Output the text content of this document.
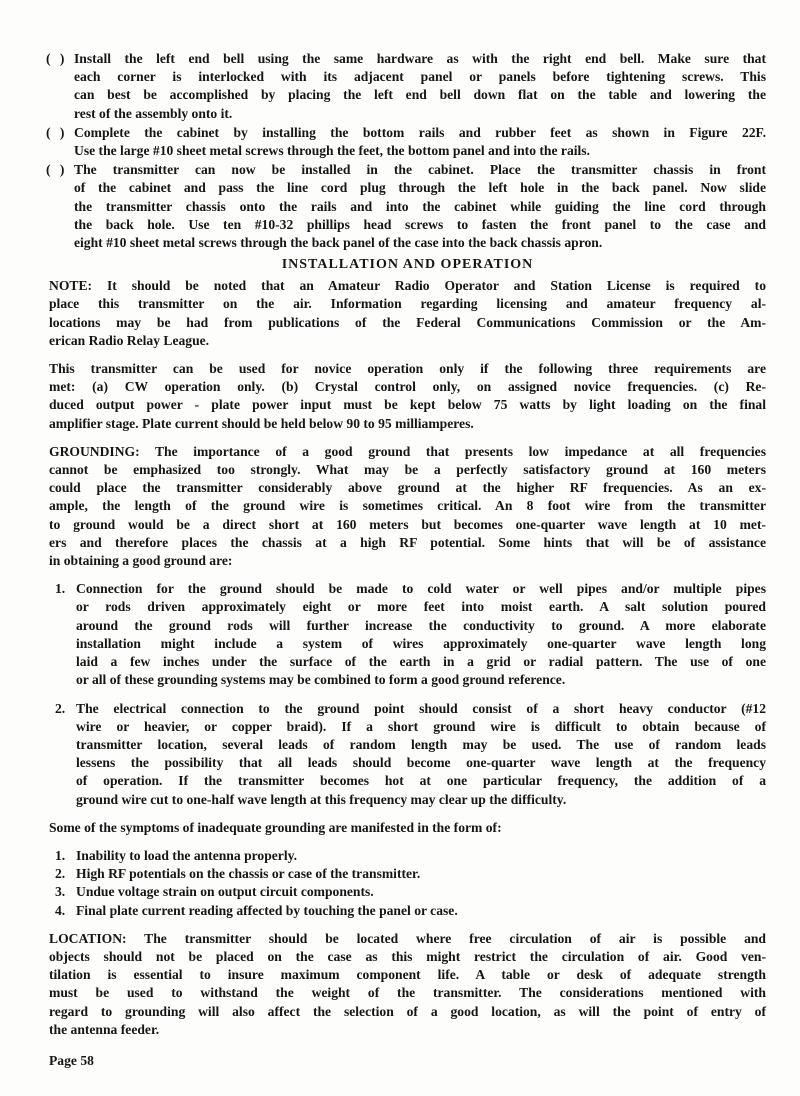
( ) Install the left end bell using the same hardware as with the right end bell. Make sure that
each corner is interlocked with its adjacent panel or panels before tightening screws. This
can best be accomplished by placing the left end bell down flat on the table and lowering the
rest of the assembly onto it.
( ) Complete the cabinet by installing the bottom rails and rubber feet as shown in Figure 22F.
Use the large #10 sheet metal screws through the feet, the bottom panel and into the rails.
( ) The transmitter can now be installed in the cabinet. Place the transmitter chassis in front
of the cabinet and pass the line cord plug through the left hole in the back panel. Now slide
the transmitter chassis onto the rails and into the cabinet while guiding the line cord through
the back hole. Use ten #10-32 phillips head screws to fasten the front panel to the case and
eight #10 sheet metal screws through the back panel of the case into the back chassis apron.
INSTALLATION AND OPERATION
NOTE: It should be noted that an Amateur Radio Operator and Station License is required to
place this transmitter on the air. Information regarding licensing and amateur frequency al-
locations may be had from publications of the Federal Communications Commission or the Am-
erican Radio Relay League.
This transmitter can be used for novice operation only if the following three requirements are
met: (a) CW operation only. (b) Crystal control only, on assigned novice frequencies. (c) Re-
duced output power - plate power input must be kept below 75 watts by light loading on the final
amplifier stage. Plate current should be held below 90 to 95 milliamperes.
GROUNDING: The importance of a good ground that presents low impedance at all frequencies
cannot be emphasized too strongly. What may be a perfectly satisfactory ground at 160 meters
could place the transmitter considerably above ground at the higher RF frequencies. As an ex-
ample, the length of the ground wire is sometimes critical. An 8 foot wire from the transmitter
to ground would be a direct short at 160 meters but becomes one-quarter wave length at 10 met-
ers and therefore places the chassis at a high RF potential. Some hints that will be of assistance
in obtaining a good ground are:
1. Connection for the ground should be made to cold water or well pipes and/or multiple pipes
or rods driven approximately eight or more feet into moist earth. A salt solution poured
around the ground rods will further increase the conductivity to ground. A more elaborate
installation might include a system of wires approximately one-quarter wave length long
laid a few inches under the surface of the earth in a grid or radial pattern. The use of one
or all of these grounding systems may be combined to form a good ground reference.
2. The electrical connection to the ground point should consist of a short heavy conductor (#12
wire or heavier, or copper braid). If a short ground wire is difficult to obtain because of
transmitter location, several leads of random length may be used. The use of random leads
lessens the possibility that all leads should become one-quarter wave length at the frequency
of operation. If the transmitter becomes hot at one particular frequency, the addition of a
ground wire cut to one-half wave length at this frequency may clear up the difficulty.
Some of the symptoms of inadequate grounding are manifested in the form of:
1. Inability to load the antenna properly.
2. High RF potentials on the chassis or case of the transmitter.
3. Undue voltage strain on output circuit components.
4. Final plate current reading affected by touching the panel or case.
LOCATION: The transmitter should be located where free circulation of air is possible and
objects should not be placed on the case as this might restrict the circulation of air. Good ven-
tilation is essential to insure maximum component life. A table or desk of adequate strength
must be used to withstand the weight of the transmitter. The considerations mentioned with
regard to grounding will also affect the selection of a good location, as will the point of entry of
the antenna feeder.
Page 58
